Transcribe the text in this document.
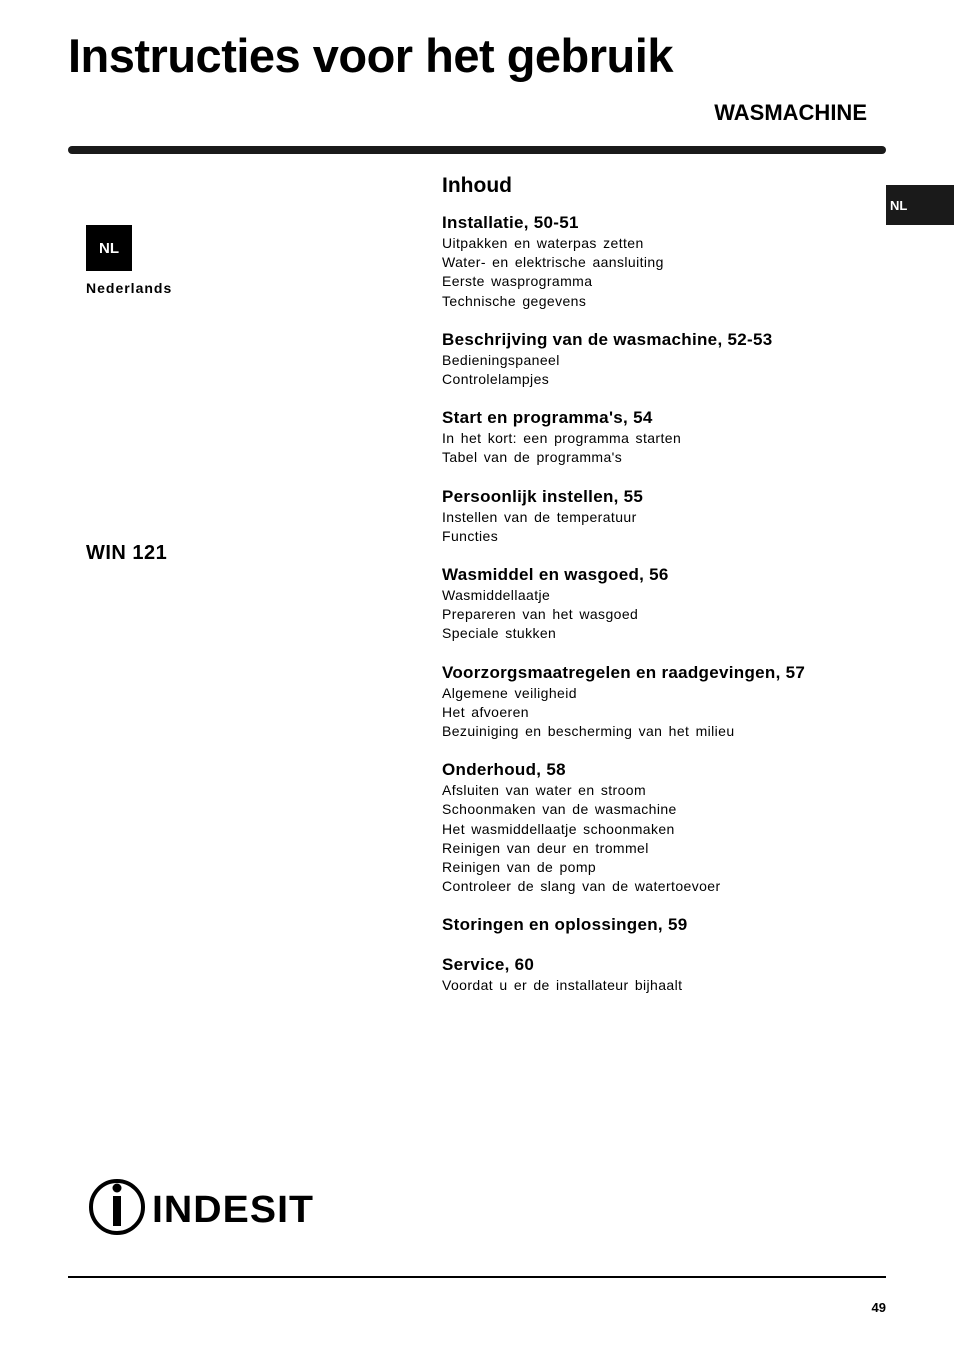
Instructies voor het gebruik
WASMACHINE
NL
NL
Nederlands
WIN 121
Inhoud
Installatie, 50-51
Uitpakken en waterpas zetten
Water- en elektrische aansluiting
Eerste wasprogramma
Technische gegevens
Beschrijving van de wasmachine, 52-53
Bedieningspaneel
Controlelampjes
Start en programma's, 54
In het kort: een programma starten
Tabel van de programma's
Persoonlijk instellen, 55
Instellen van de temperatuur
Functies
Wasmiddel en wasgoed, 56
Wasmiddellaatje
Prepareren van het wasgoed
Speciale stukken
Voorzorgsmaatregelen en raadgevingen, 57
Algemene veiligheid
Het afvoeren
Bezuiniging en bescherming van het milieu
Onderhoud, 58
Afsluiten van water en stroom
Schoonmaken van de wasmachine
Het wasmiddellaatje schoonmaken
Reinigen van deur en trommel
Reinigen van de pomp
Controleer de slang van de watertoevoer
Storingen en oplossingen, 59
Service, 60
Voordat u er de installateur bijhaalt
INDESIT
49
